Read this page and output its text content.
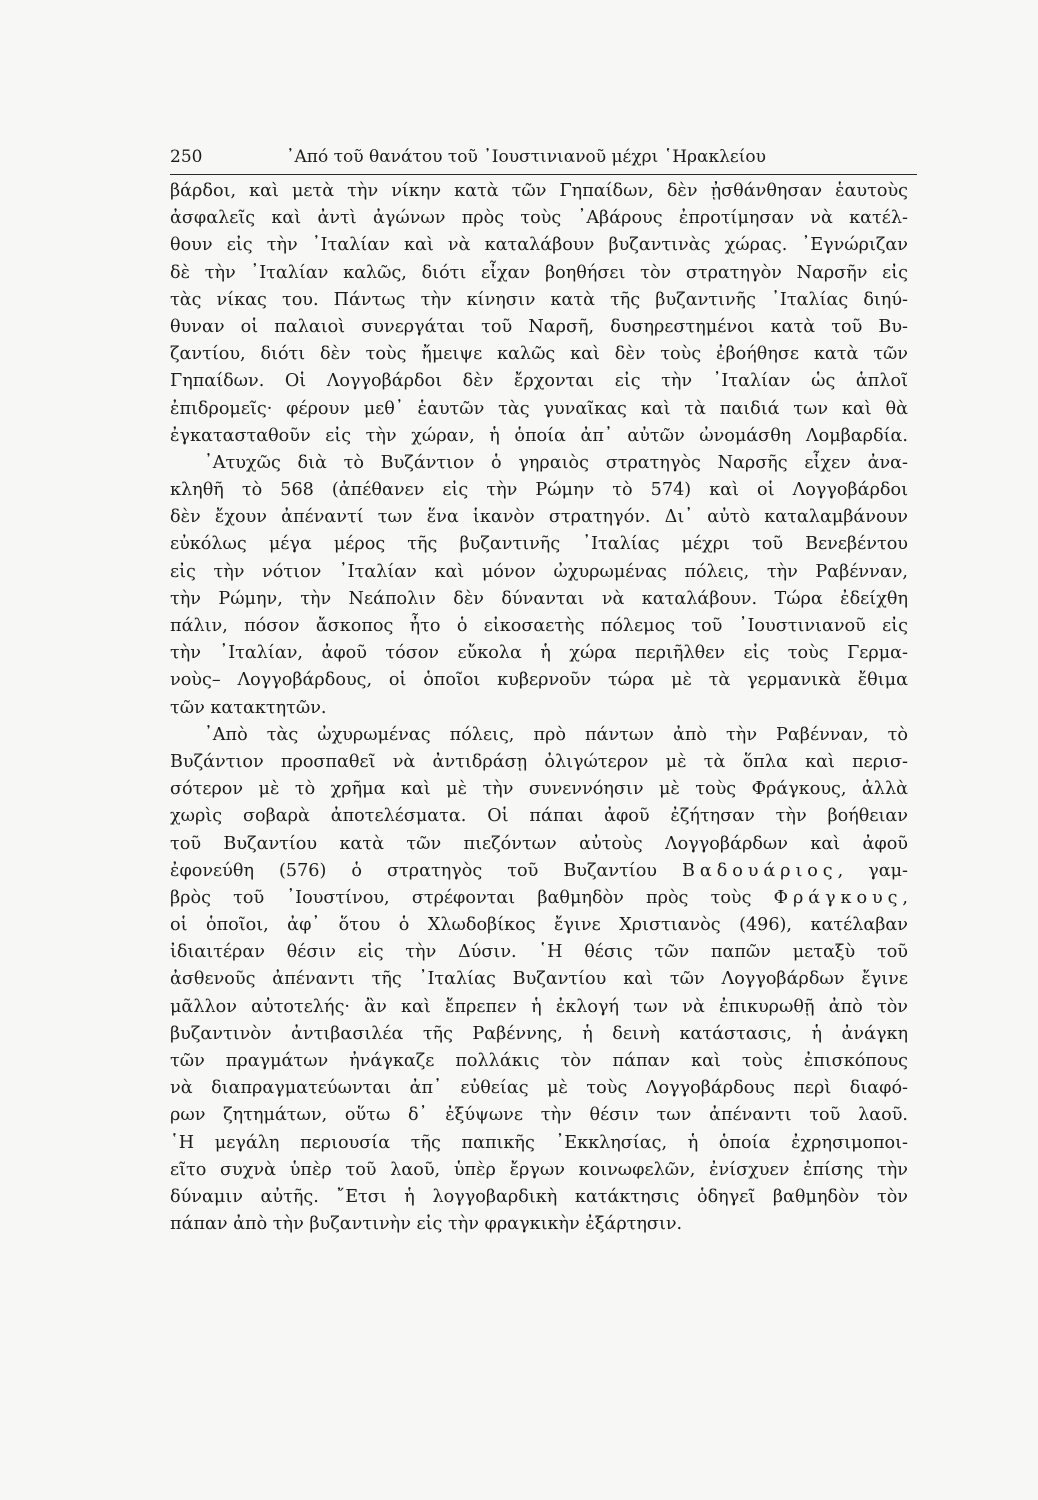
250	᾿Από τοῦ θανάτου τοῦ ᾿Ιουστινιανοῦ μέχρι ῾Ηρακλείου
βάρδοι, καὶ μετὰ τὴν νίκην κατὰ τῶν Γηπαίδων, δὲν ᾐσθάνθησαν ἑαυτοὺς
ἀσφαλεῖς καὶ ἀντὶ ἀγώνων πρὸς τοὺς ᾿Αβάρους ἐπροτίμησαν νὰ κατέλ-
θουν εἰς τὴν ᾿Ιταλίαν καὶ νὰ καταλάβουν βυζαντινὰς χώρας. ᾿Εγνώριζαν
δὲ τὴν ᾿Ιταλίαν καλῶς, διότι εἶχαν βοηθήσει τὸν στρατηγὸν Ναρσῆν εἰς
τὰς νίκας του. Πάντως τὴν κίνησιν κατὰ τῆς βυζαντινῆς ᾿Ιταλίας διηύ-
θυναν οἱ παλαιοὶ συνεργάται τοῦ Ναρσῆ, δυσηρεστημένοι κατὰ τοῦ Βυ-
ζαντίου, διότι δὲν τοὺς ἤμειψε καλῶς καὶ δὲν τοὺς ἐβοήθησε κατὰ τῶν
Γηπαίδων. Οἱ Λογγοβάρδοι δὲν ἔρχονται εἰς τὴν ᾿Ιταλίαν ὡς ἁπλοῖ
ἐπιδρομεῖς· φέρουν μεθ᾿ ἑαυτῶν τὰς γυναῖκας καὶ τὰ παιδιά των καὶ θὰ
ἐγκατασταθοῦν εἰς τὴν χώραν, ἡ ὁποία ἀπ᾿ αὐτῶν ὠνομάσθη Λομβαρδία.
᾿Ατυχῶς διὰ τὸ Βυζάντιον ὁ γηραιὸς στρατηγὸς Ναρσῆς εἶχεν ἀνα-
κληθῆ τὸ 568 (ἀπέθανεν εἰς τὴν Ρώμην τὸ 574) καὶ οἱ Λογγοβάρδοι
δὲν ἔχουν ἀπέναντί των ἕνα ἱκανὸν στρατηγόν. Δι᾿ αὐτὸ καταλαμβάνουν
εὐκόλως μέγα μέρος τῆς βυζαντινῆς ᾿Ιταλίας μέχρι τοῦ Βενεβέντου
εἰς τὴν νότιον ᾿Ιταλίαν καὶ μόνον ὠχυρωμένας πόλεις, τὴν Ραβένναν,
τὴν Ρώμην, τὴν Νεάπολιν δὲν δύνανται νὰ καταλάβουν. Τώρα ἐδείχθη
πάλιν, πόσον ἄσκοπος ἦτο ὁ εἰκοσαετὴς πόλεμος τοῦ ᾿Ιουστινιανοῦ εἰς
τὴν ᾿Ιταλίαν, ἀφοῦ τόσον εὔκολα ἡ χώρα περιῆλθεν εἰς τοὺς Γερμα-
νοὺς– Λογγοβάρδους, οἱ ὁποῖοι κυβερνοῦν τώρα μὲ τὰ γερμανικὰ ἔθιμα
τῶν κατακτητῶν.
᾿Απὸ τὰς ὠχυρωμένας πόλεις, πρὸ πάντων ἀπὸ τὴν Ραβένναν, τὸ
Βυζάντιον προσπαθεῖ νὰ ἀντιδράσῃ ὀλιγώτερον μὲ τὰ ὅπλα καὶ περισ-
σότερον μὲ τὸ χρῆμα καὶ μὲ τὴν συνεννόησιν μὲ τοὺς Φράγκους, ἀλλὰ
χωρὶς σοβαρὰ ἀποτελέσματα. Οἱ πάπαι ἀφοῦ ἐζήτησαν τὴν βοήθειαν
τοῦ Βυζαντίου κατὰ τῶν πιεζόντων αὐτοὺς Λογγοβάρδων καὶ ἀφοῦ
ἐφονεύθη (576) ὁ στρατηγὸς τοῦ Βυζαντίου Βαδουάριος, γαμ-
βρὸς τοῦ ᾿Ιουστίνου, στρέφονται βαθμηδὸν πρὸς τοὺς Φράγκους,
οἱ ὁποῖοι, ἀφ᾿ ὅτου ὁ Χλωδοβίκος ἔγινε Χριστιανὸς (496), κατέλαβαν
ἰδιαιτέραν θέσιν εἰς τὴν Δύσιν. ῾Η θέσις τῶν παπῶν μεταξὺ τοῦ
ἀσθενοῦς ἀπέναντι τῆς ᾿Ιταλίας Βυζαντίου καὶ τῶν Λογγοβάρδων ἔγινε
μᾶλλον αὐτοτελής· ἂν καὶ ἔπρεπεν ἡ ἐκλογή των νὰ ἐπικυρωθῇ ἀπὸ τὸν
βυζαντινὸν ἀντιβασιλέα τῆς Ραβέννης, ἡ δεινὴ κατάστασις, ἡ ἀνάγκη
τῶν πραγμάτων ἠνάγκαζε πολλάκις τὸν πάπαν καὶ τοὺς ἐπισκόπους
νὰ διαπραγματεύωνται ἀπ᾿ εὐθείας μὲ τοὺς Λογγοβάρδους περὶ διαφό-
ρων ζητημάτων, οὕτω δ᾿ ἐξύψωνε τὴν θέσιν των ἀπέναντι τοῦ λαοῦ.
῾Η μεγάλη περιουσία τῆς παπικῆς ᾿Εκκλησίας, ἡ ὁποία ἐχρησιμοποι-
εῖτο συχνὰ ὑπὲρ τοῦ λαοῦ, ὑπὲρ ἔργων κοινωφελῶν, ἐνίσχυεν ἐπίσης τὴν
δύναμιν αὐτῆς. ῎Ετσι ἡ λογγοβαρδικὴ κατάκτησις ὁδηγεῖ βαθμηδὸν τὸν
πάπαν ἀπὸ τὴν βυζαντινὴν εἰς τὴν φραγκικὴν ἐξάρτησιν.
